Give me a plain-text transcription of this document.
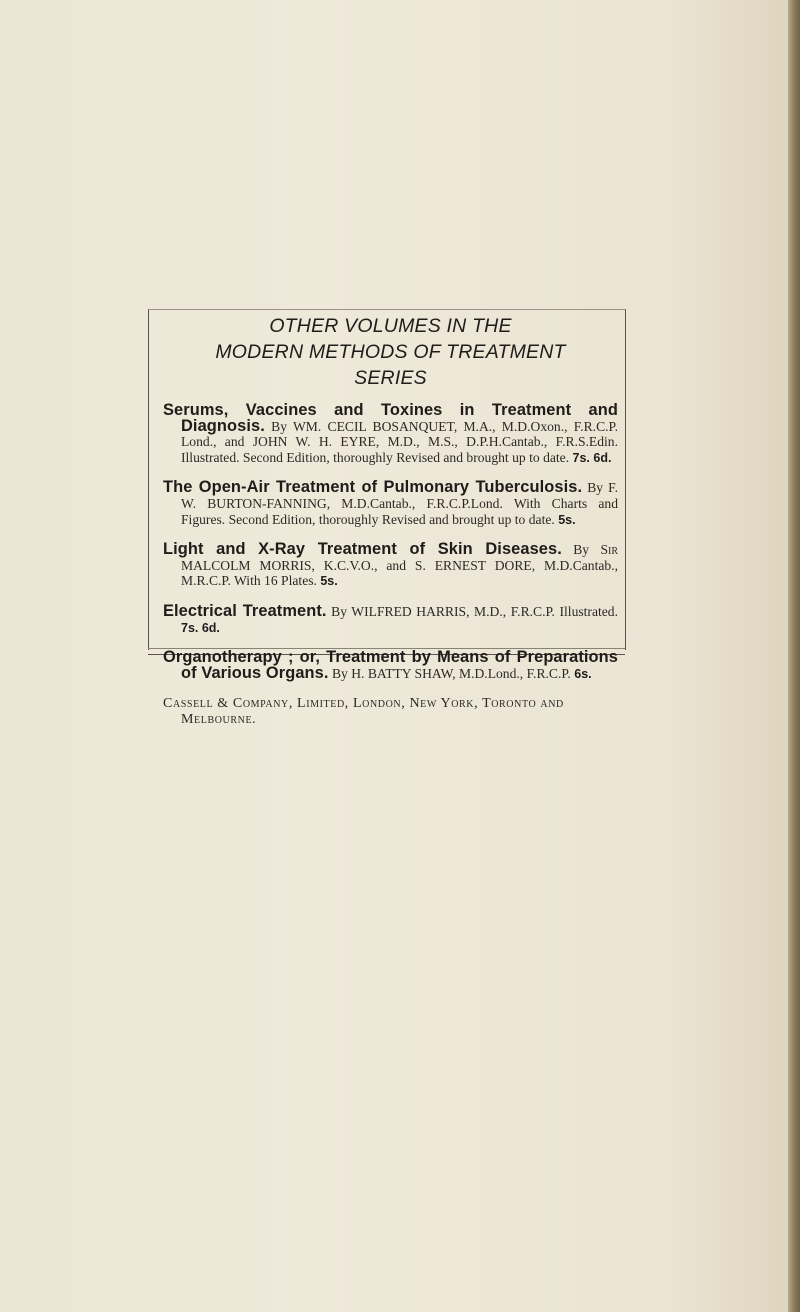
OTHER VOLUMES IN THE
MODERN METHODS OF TREATMENT
SERIES

Serums, Vaccines and Toxines in Treatment and Diagnosis. By WM. CECIL BOSANQUET, M.A., M.D.Oxon., F.R.C.P. Lond., and JOHN W. H. EYRE, M.D., M.S., D.P.H.Cantab., F.R.S.Edin. Illustrated. Second Edition, thoroughly Revised and brought up to date. 7s. 6d.

The Open-Air Treatment of Pulmonary Tuberculosis. By F. W. BURTON-FANNING, M.D.Cantab., F.R.C.P.Lond. With Charts and Figures. Second Edition, thoroughly Revised and brought up to date. 5s.

Light and X-Ray Treatment of Skin Diseases. By Sir MALCOLM MORRIS, K.C.V.O., and S. ERNEST DORE, M.D.Cantab., M.R.C.P. With 16 Plates. 5s.

Electrical Treatment. By WILFRED HARRIS, M.D., F.R.C.P. Illustrated. 7s. 6d.

Organotherapy ; or, Treatment by Means of Preparations of Various Organs. By H. BATTY SHAW, M.D.Lond., F.R.C.P. 6s.

Cassell & Company, Limited, London, New York, Toronto and Melbourne.
